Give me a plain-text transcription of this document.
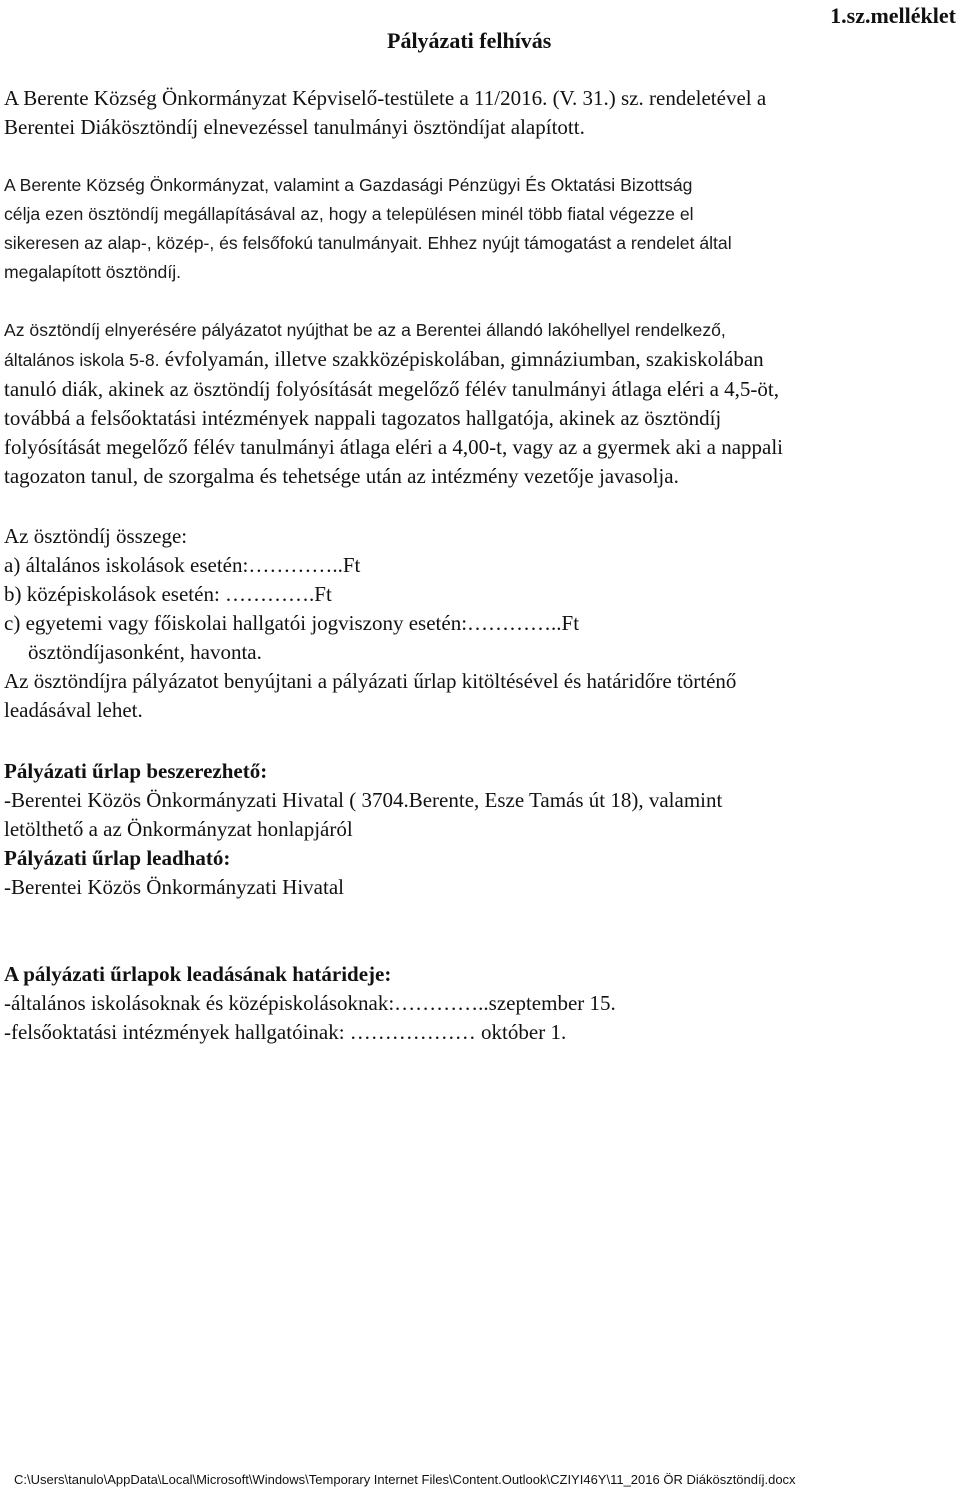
1.sz.melléklet
Pályázati felhívás
A Berente Község Önkormányzat Képviselő-testülete a 11/2016. (V. 31.) sz. rendeletével a
Berentei Diákösztöndíj elnevezéssel tanulmányi ösztöndíjat alapított.
A Berente Község Önkormányzat, valamint a Gazdasági Pénzügyi És Oktatási Bizottság
célja ezen ösztöndíj megállapításával az, hogy a településen minél több fiatal végezze el
sikeresen az alap-, közép-, és felsőfokú tanulmányait. Ehhez nyújt támogatást a rendelet által
megalapított ösztöndíj.
Az ösztöndíj elnyerésére pályázatot nyújthat be az a Berentei állandó lakóhellyel rendelkező,
általános iskola 5-8. évfolyamán, illetve szakközépiskolában, gimnáziumban, szakiskolában
tanuló diák, akinek az ösztöndíj folyósítását megelőző félév tanulmányi átlaga eléri a 4,5-öt,
továbbá a felsőoktatási intézmények nappali tagozatos hallgatója, akinek az ösztöndíj
folyósítását megelőző félév tanulmányi átlaga eléri a 4,00-t, vagy az a gyermek aki a nappali
tagozaton tanul, de szorgalma és tehetsége után az intézmény vezetője javasolja.
Az ösztöndíj összege:
a) általános iskolások esetén:…………..Ft
b) középiskolások esetén: ………….Ft
c) egyetemi vagy főiskolai hallgatói jogviszony esetén:…………..Ft
ösztöndíjasonként, havonta.
Az ösztöndíjra pályázatot benyújtani a pályázati űrlap kitöltésével és határidőre történő
leadásával lehet.
Pályázati űrlap beszerezhető:
-Berentei Közös Önkormányzati Hivatal ( 3704.Berente, Esze Tamás út 18), valamint
letölthető a az Önkormányzat honlapjáról
Pályázati űrlap leadható:
-Berentei Közös Önkormányzati Hivatal
A pályázati űrlapok leadásának határideje:
-általános iskolásoknak és középiskolásoknak:…………..szeptember 15.
-felsőoktatási intézmények hallgatóinak: ……………… október 1.
C:\Users\tanulo\AppData\Local\Microsoft\Windows\Temporary Internet Files\Content.Outlook\CZIYI46Y\11_2016 ÖR Diákösztöndíj.docx
